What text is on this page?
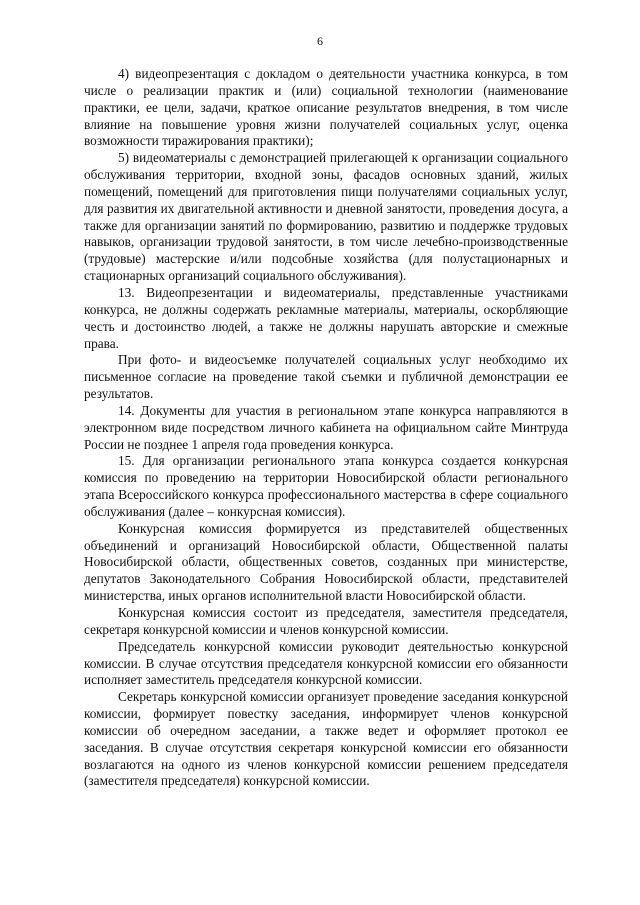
6

4) видеопрезентация с докладом о деятельности участника конкурса, в том числе о реализации практик и (или) социальной технологии (наименование практики, ее цели, задачи, краткое описание результатов внедрения, в том числе влияние на повышение уровня жизни получателей социальных услуг, оценка возможности тиражирования практики);

5) видеоматериалы с демонстрацией прилегающей к организации социального обслуживания территории, входной зоны, фасадов основных зданий, жилых помещений, помещений для приготовления пищи получателями социальных услуг, для развития их двигательной активности и дневной занятости, проведения досуга, а также для организации занятий по формированию, развитию и поддержке трудовых навыков, организации трудовой занятости, в том числе лечебно-производственные (трудовые) мастерские и/или подсобные хозяйства (для полустационарных и стационарных организаций социального обслуживания).

13. Видеопрезентации и видеоматериалы, представленные участниками конкурса, не должны содержать рекламные материалы, материалы, оскорбляющие честь и достоинство людей, а также не должны нарушать авторские и смежные права.

При фото- и видеосъемке получателей социальных услуг необходимо их письменное согласие на проведение такой съемки и публичной демонстрации ее результатов.

14. Документы для участия в региональном этапе конкурса направляются в электронном виде посредством личного кабинета на официальном сайте Минтруда России не позднее 1 апреля года проведения конкурса.

15. Для организации регионального этапа конкурса создается конкурсная комиссия по проведению на территории Новосибирской области регионального этапа Всероссийского конкурса профессионального мастерства в сфере социального обслуживания (далее – конкурсная комиссия).

Конкурсная комиссия формируется из представителей общественных объединений и организаций Новосибирской области, Общественной палаты Новосибирской области, общественных советов, созданных при министерстве, депутатов Законодательного Собрания Новосибирской области, представителей министерства, иных органов исполнительной власти Новосибирской области.

Конкурсная комиссия состоит из председателя, заместителя председателя, секретаря конкурсной комиссии и членов конкурсной комиссии.

Председатель конкурсной комиссии руководит деятельностью конкурсной комиссии. В случае отсутствия председателя конкурсной комиссии его обязанности исполняет заместитель председателя конкурсной комиссии.

Секретарь конкурсной комиссии организует проведение заседания конкурсной комиссии, формирует повестку заседания, информирует членов конкурсной комиссии об очередном заседании, а также ведет и оформляет протокол ее заседания. В случае отсутствия секретаря конкурсной комиссии его обязанности возлагаются на одного из членов конкурсной комиссии решением председателя (заместителя председателя) конкурсной комиссии.
